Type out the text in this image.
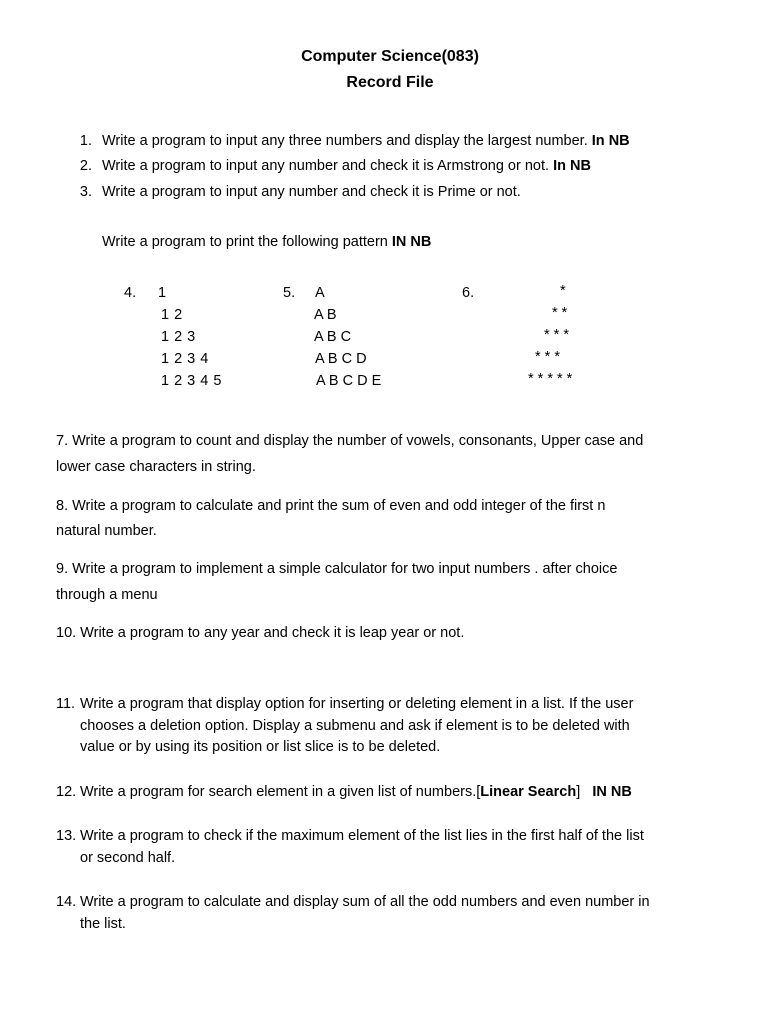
Computer Science(083)
Record File
1. Write a program to input any three numbers and display the largest number. In NB
2. Write a program to input any number and check it is Armstrong or not. In NB
3. Write a program to input any number and check it is Prime or not.
Write a program to print the following pattern IN NB
4. 1
1 2
1 2 3
1 2 3 4
1 2 3 4 5
5. A
A B
A B C
A B C D
A B C D E
6.	*
* *
* * *
* * *
* * * * *
7. Write a program to count and display the number of vowels, consonants, Upper case and
lower case characters in string.
8. Write a program to calculate and print the sum of even and odd integer of the first n
natural number.
9. Write a program to implement a simple calculator for two input numbers . after choice
through a menu
10. Write a program to any year and check it is leap year or not.
11. Write a program that display option for inserting or deleting element in a list. If the user
chooses a deletion option. Display a submenu and ask if element is to be deleted with
value or by using its position or list slice is to be deleted.
12. Write a program for search element in a given list of numbers.[Linear Search]   IN NB
13. Write a program to check if the maximum element of the list lies in the first half of the list
or second half.
14. Write a program to calculate and display sum of all the odd numbers and even number in
the list.
